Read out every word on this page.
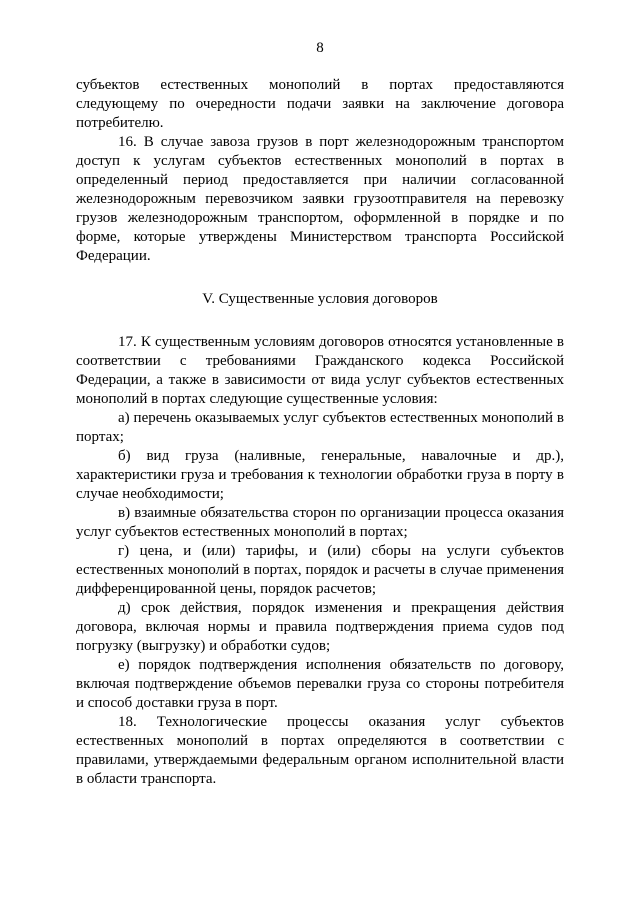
8

субъектов естественных монополий в портах предоставляются следующему по очередности подачи заявки на заключение договора потребителю.

16. В случае завоза грузов в порт железнодорожным транспортом доступ к услугам субъектов естественных монополий в портах в определенный период предоставляется при наличии согласованной железнодорожным перевозчиком заявки грузоотправителя на перевозку грузов железнодорожным транспортом, оформленной в порядке и по форме, которые утверждены Министерством транспорта Российской Федерации.

V. Существенные условия договоров

17. К существенным условиям договоров относятся установленные в соответствии с требованиями Гражданского кодекса Российской Федерации, а также в зависимости от вида услуг субъектов естественных монополий в портах следующие существенные условия:

а) перечень оказываемых услуг субъектов естественных монополий в портах;

б) вид груза (наливные, генеральные, навалочные и др.), характеристики груза и требования к технологии обработки груза в порту в случае необходимости;

в) взаимные обязательства сторон по организации процесса оказания услуг субъектов естественных монополий в портах;

г) цена, и (или) тарифы, и (или) сборы на услуги субъектов естественных монополий в портах, порядок и расчеты в случае применения дифференцированной цены, порядок расчетов;

д) срок действия, порядок изменения и прекращения действия договора, включая нормы и правила подтверждения приема судов под погрузку (выгрузку) и обработки судов;

е) порядок подтверждения исполнения обязательств по договору, включая подтверждение объемов перевалки груза со стороны потребителя и способ доставки груза в порт.

18. Технологические процессы оказания услуг субъектов естественных монополий в портах определяются в соответствии с правилами, утверждаемыми федеральным органом исполнительной власти в области транспорта.
